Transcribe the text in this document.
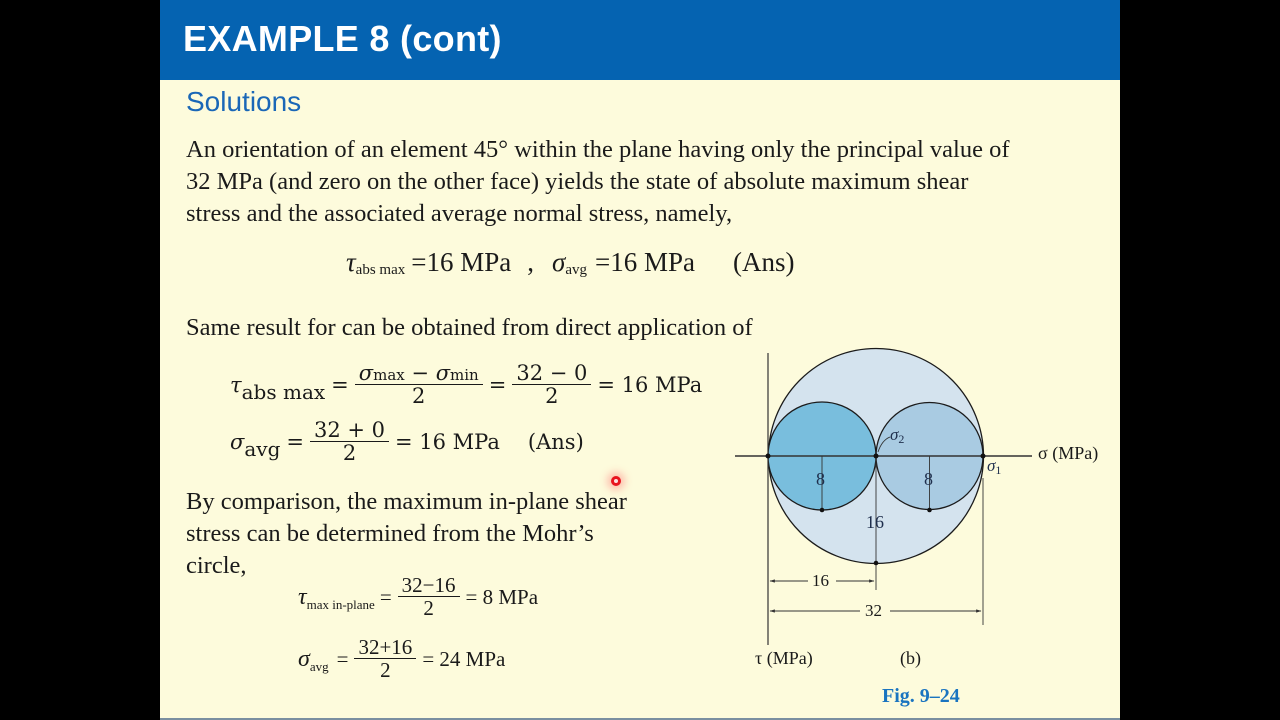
EXAMPLE 8 (cont)
Solutions
An orientation of an element 45° within the plane having only the principal value of
32 MPa (and zero on the other face) yields the state of absolute maximum shear
stress and the associated average normal stress, namely,
τ abs max =16 MPa , σ avg =16 MPa (Ans)
Same result for can be obtained from direct application of
τ abs $\max = \frac{\sigma\max - \sigma\min}{2} = \frac{32 - 0}{2} = 16$ MPa
σ avg = $\frac{32 + 0}{2} = 16$ MPa (Ans)
By comparison, the maximum in-plane shear
stress can be determined from the Mohr’s
circle,
τ max in-plane = $\frac{32-16}{2} = 8$ MPa
σ avg = $\frac{32+16}{2} = 24$ MPa
σ 2
σ 1
σ (MPa)
τ (MPa)
8	8
16
16
32
(b)
Fig. 9–24
